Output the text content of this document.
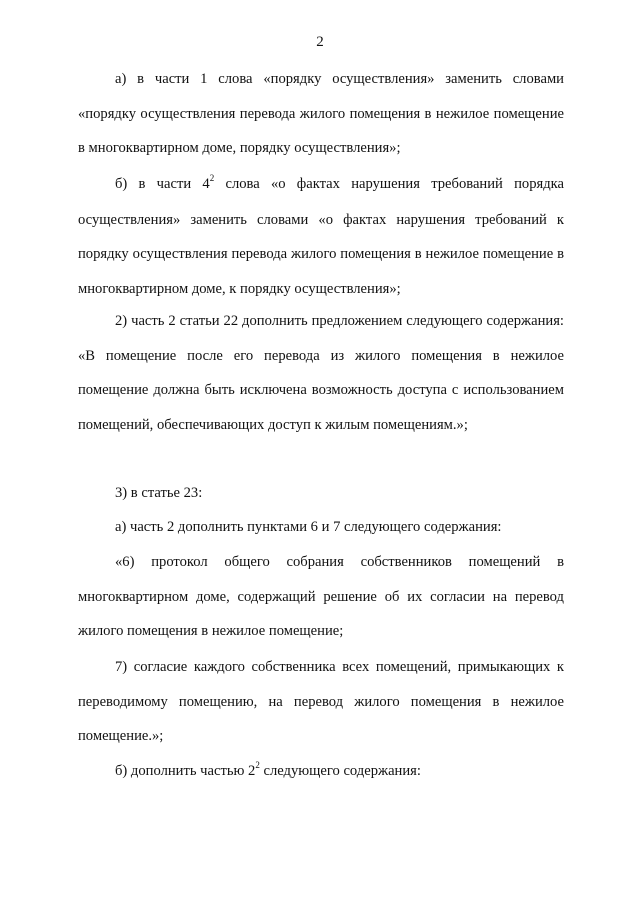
2

а) в части 1 слова «порядку осуществления» заменить словами «порядку осуществления перевода жилого помещения в нежилое помещение в многоквартирном доме, порядку осуществления»;

б) в части $4^2$ слова «о фактах нарушения требований порядка осуществления» заменить словами «о фактах нарушения требований к порядку осуществления перевода жилого помещения в нежилое помещение в многоквартирном доме, к порядку осуществления»;

2) часть 2 статьи 22 дополнить предложением следующего содержания: «В помещение после его перевода из жилого помещения в нежилое помещение должна быть исключена возможность доступа с использованием помещений, обеспечивающих доступ к жилым помещениям.»;

3) в статье 23:

а) часть 2 дополнить пунктами 6 и 7 следующего содержания:

«6) протокол общего собрания собственников помещений в многоквартирном доме, содержащий решение об их согласии на перевод жилого помещения в нежилое помещение;

7) согласие каждого собственника всех помещений, примыкающих к переводимому помещению, на перевод жилого помещения в нежилое помещение.»;

б) дополнить частью $2^2$ следующего содержания:
